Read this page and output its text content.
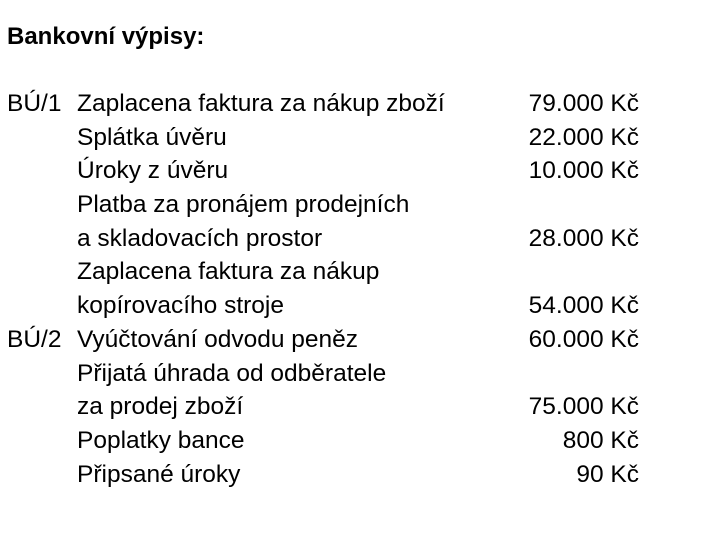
Bankovní výpisy:
BÚ/1 Zaplacena faktura za nákup zboží	79.000 Kč
Splátka úvěru	22.000 Kč
Úroky z úvěru	10.000 Kč
Platba za pronájem prodejních
a skladovacích prostor	28.000 Kč
Zaplacena faktura za nákup
kopírovacího stroje	54.000 Kč
BÚ/2 Vyúčtování odvodu peněz	60.000 Kč
Přijatá úhrada od odběratele
za prodej zboží	75.000 Kč
Poplatky bance	800 Kč
Připsané úroky	90 Kč
